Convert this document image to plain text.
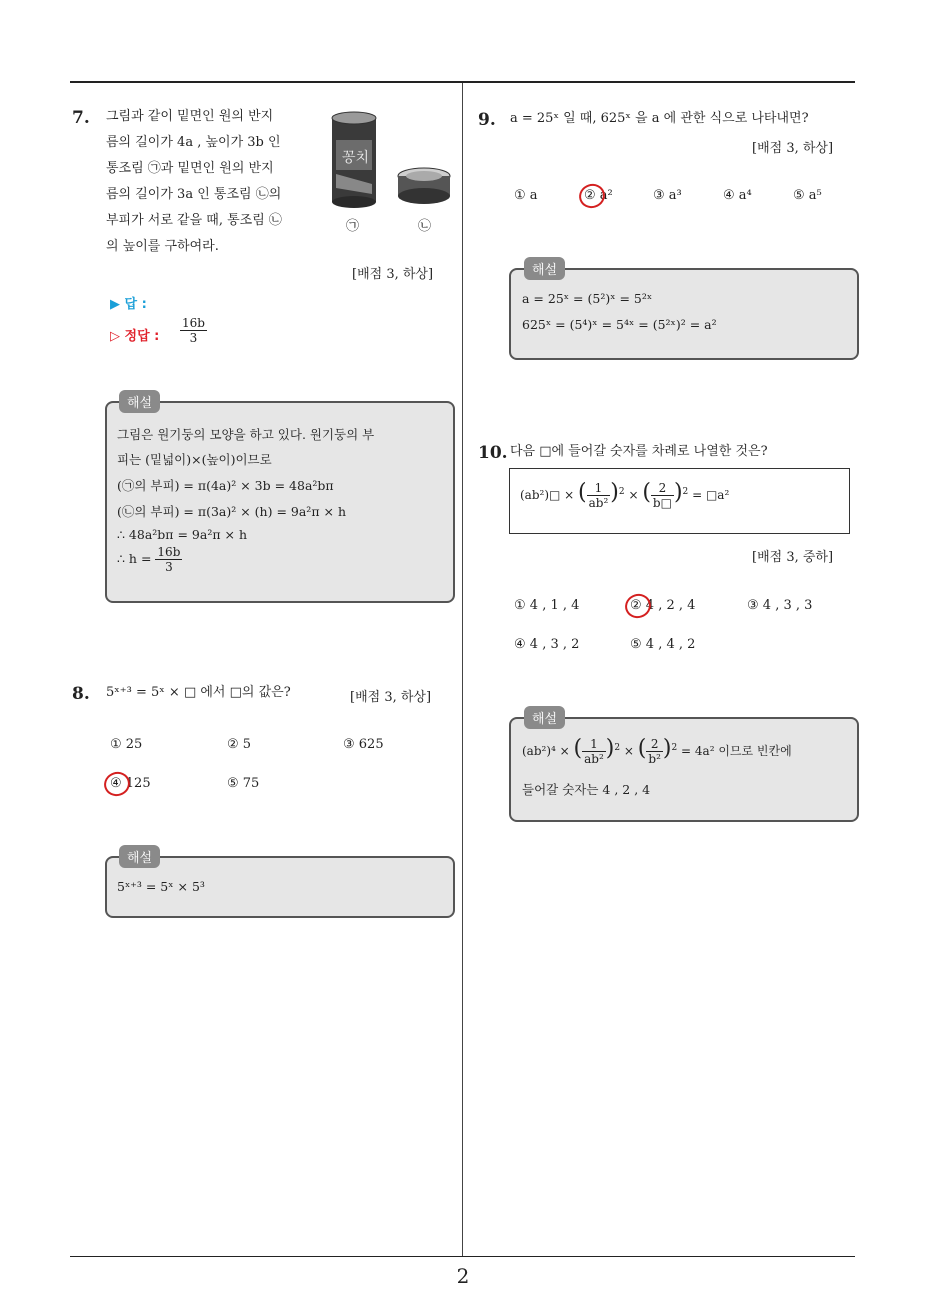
2
7. 그림과 같이 밑면인 원의 반지
름의 길이가 4a , 높이가 3b 인
통조림 ㉠과 밑면인 원의 반지
름의 길이가 3a 인 통조림 ㉡의
부피가 서로 같을 때, 통조림 ㉡
의 높이를 구하여라.
꽁치
㉠	㉡
[배점 3, 하상]
▶ 답 :
▷ 정답 : $\frac{16b}{3}$
해설
그림은 원기둥의 모양을 하고 있다. 원기둥의 부
피는 (밑넓이)×(높이)이므로
(㉠의 부피) = π(4a)² × 3b = 48a²bπ
(㉡의 부피) = π(3a)² × (h) = 9a²π × h
∴ 48a²bπ = 9a²π × h
∴ $h = \frac{16b}{3}$
8. 5ˣ⁺³ = 5ˣ × □ 에서 □의 값은?	[배점 3, 하상]
① 25	② 5	③ 625
④ 125	⑤ 75
해설
5ˣ⁺³ = 5ˣ × 5³
9. a = 25ˣ 일 때, 625ˣ 을 a 에 관한 식으로 나타내면?
[배점 3, 하상]
① a	② a²	③ a³	④ a⁴	⑤ a⁵
해설
a = 25ˣ = (5²)ˣ = 5²ˣ
625ˣ = (5⁴)ˣ = 5⁴ˣ = (5²ˣ)² = a²
10. 다음 □에 들어갈 숫자를 차례로 나열한 것은?
(ab²)□ × ( $\frac{1}{\text{ab²}} )^2$ × ( $\frac{2}{b□} )^2$ = □a²
[배점 3, 중하]
① 4 , 1 , 4	② 4 , 2 , 4	③ 4 , 3 , 3
④ 4 , 3 , 2	⑤ 4 , 4 , 2
해설
(ab²)⁴ × ( $\frac{1}{\text{ab²}} )^2$ × ( $\frac{2}{\text{b²}} )^2 = 4a^2$ 이므로 빈칸에
들어갈 숫자는 4 , 2 , 4
